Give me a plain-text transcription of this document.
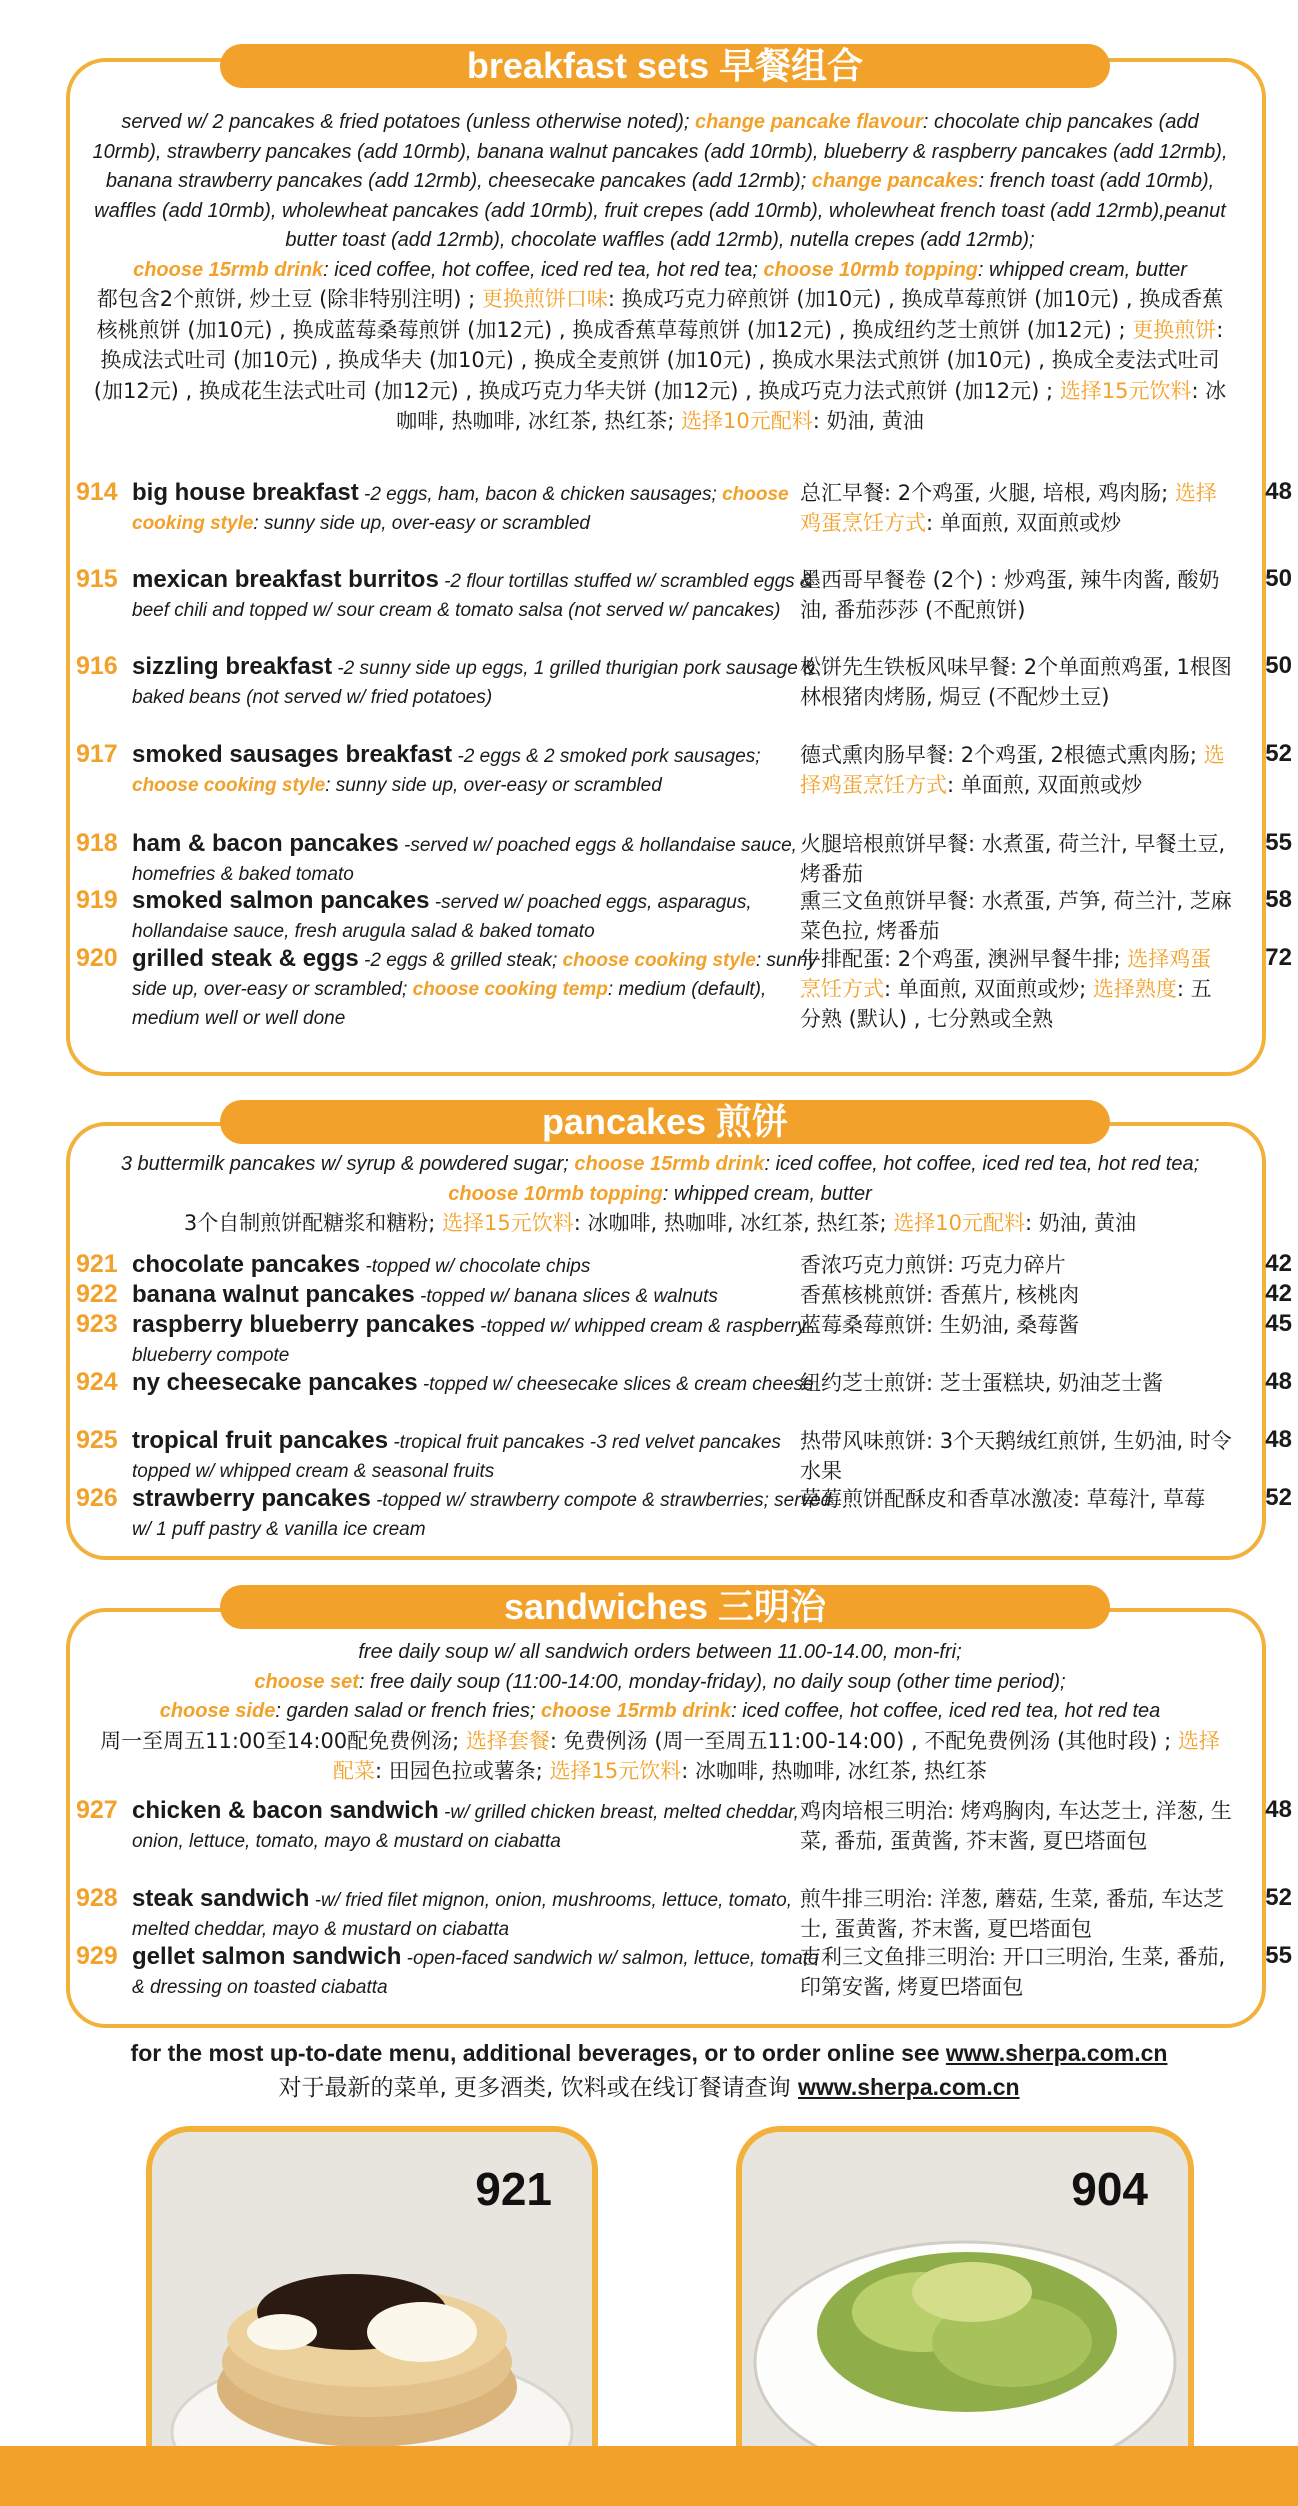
breakfast sets 早餐组合
served w/ 2 pancakes & fried potatoes (unless otherwise noted); change pancake flavour: chocolate chip pancakes (add 10rmb), strawberry pancakes (add 10rmb), banana walnut pancakes (add 10rmb), blueberry & raspberry pancakes (add 12rmb), banana strawberry pancakes (add 12rmb), cheesecake pancakes (add 12rmb); change pancakes: french toast (add 10rmb), waffles (add 10rmb), wholewheat pancakes (add 10rmb), fruit crepes (add 10rmb), wholewheat french toast (add 12rmb),peanut butter toast (add 12rmb), chocolate waffles (add 12rmb), nutella crepes (add 12rmb);
choose 15rmb drink: iced coffee, hot coffee, iced red tea, hot red tea; choose 10rmb topping: whipped cream, butter
都包含2个煎饼, 炒土豆 (除非特别注明) ; 更换煎饼口味: 换成巧克力碎煎饼 (加10元) , 换成草莓煎饼 (加10元) , 换成香蕉核桃煎饼 (加10元) , 换成蓝莓桑莓煎饼 (加12元) , 换成香蕉草莓煎饼 (加12元) , 换成纽约芝士煎饼 (加12元) ; 更换煎饼: 换成法式吐司 (加10元) , 换成华夫 (加10元) , 换成全麦煎饼 (加10元) , 换成水果法式煎饼 (加10元) , 换成全麦法式吐司 (加12元) , 换成花生法式吐司 (加12元) , 换成巧克力华夫饼 (加12元) , 换成巧克力法式煎饼 (加12元) ; 选择15元饮料: 冰咖啡, 热咖啡, 冰红茶, 热红茶; 选择10元配料: 奶油, 黄油
914 big house breakfast -2 eggs, ham, bacon & chicken sausages; choose cooking style: sunny side up, over-easy or scrambled
总汇早餐: 2个鸡蛋, 火腿, 培根, 鸡肉肠; 选择鸡蛋烹饪方式: 单面煎, 双面煎或炒
48
915 mexican breakfast burritos -2 flour tortillas stuffed w/ scrambled eggs & beef chili and topped w/ sour cream & tomato salsa (not served w/ pancakes)
墨西哥早餐卷 (2个) : 炒鸡蛋, 辣牛肉酱, 酸奶油, 番茄莎莎 (不配煎饼)
50
916 sizzling breakfast -2 sunny side up eggs, 1 grilled thurigian pork sausage & baked beans (not served w/ fried potatoes)
松饼先生铁板风味早餐: 2个单面煎鸡蛋, 1根图林根猪肉烤肠, 焗豆 (不配炒土豆)
50
917 smoked sausages breakfast -2 eggs & 2 smoked pork sausages; choose cooking style: sunny side up, over-easy or scrambled
德式熏肉肠早餐: 2个鸡蛋, 2根德式熏肉肠; 选择鸡蛋烹饪方式: 单面煎, 双面煎或炒
52
918 ham & bacon pancakes -served w/ poached eggs & hollandaise sauce, homefries & baked tomato
火腿培根煎饼早餐: 水煮蛋, 荷兰汁, 早餐土豆, 烤番茄
55
919 smoked salmon pancakes -served w/ poached eggs, asparagus, hollandaise sauce, fresh arugula salad & baked tomato
熏三文鱼煎饼早餐: 水煮蛋, 芦笋, 荷兰汁, 芝麻菜色拉, 烤番茄
58
920 grilled steak & eggs -2 eggs & grilled steak; choose cooking style: sunny side up, over-easy or scrambled; choose cooking temp: medium (default), medium well or well done
牛排配蛋: 2个鸡蛋, 澳洲早餐牛排; 选择鸡蛋烹饪方式: 单面煎, 双面煎或炒; 选择熟度: 五分熟 (默认) , 七分熟或全熟
72
pancakes 煎饼
3 buttermilk pancakes w/ syrup & powdered sugar; choose 15rmb drink: iced coffee, hot coffee, iced red tea, hot red tea;
choose 10rmb topping: whipped cream, butter
3个自制煎饼配糖浆和糖粉; 选择15元饮料: 冰咖啡, 热咖啡, 冰红茶, 热红茶; 选择10元配料: 奶油, 黄油
921 chocolate pancakes -topped w/ chocolate chips	香浓巧克力煎饼: 巧克力碎片	42
922 banana walnut pancakes -topped w/ banana slices & walnuts	香蕉核桃煎饼: 香蕉片, 核桃肉	42
923 raspberry blueberry pancakes -topped w/ whipped cream & raspberry-blueberry compote
蓝莓桑莓煎饼: 生奶油, 桑莓酱	45
924 ny cheesecake pancakes -topped w/ cheesecake slices & cream cheese
纽约芝士煎饼: 芝士蛋糕块, 奶油芝士酱	48
925 tropical fruit pancakes -tropical fruit pancakes -3 red velvet pancakes topped w/ whipped cream & seasonal fruits
热带风味煎饼: 3个天鹅绒红煎饼, 生奶油, 时令水果
48
926 strawberry pancakes -topped w/ strawberry compote & strawberries; served w/ 1 puff pastry & vanilla ice cream
草莓煎饼配酥皮和香草冰激凌: 草莓汁, 草莓	52
sandwiches 三明治
free daily soup w/ all sandwich orders between 11.00-14.00, mon-fri;
choose set: free daily soup (11:00-14:00, monday-friday), no daily soup (other time period);
choose side: garden salad or french fries; choose 15rmb drink: iced coffee, hot coffee, iced red tea, hot red tea
周一至周五11:00至14:00配免费例汤; 选择套餐: 免费例汤 (周一至周五11:00-14:00) , 不配免费例汤 (其他时段) ; 选择配菜: 田园色拉或薯条; 选择15元饮料: 冰咖啡, 热咖啡, 冰红茶, 热红茶
927 chicken & bacon sandwich -w/ grilled chicken breast, melted cheddar, onion, lettuce, tomato, mayo & mustard on ciabatta
鸡肉培根三明治: 烤鸡胸肉, 车达芝士, 洋葱, 生菜, 番茄, 蛋黄酱, 芥末酱, 夏巴塔面包
48
928 steak sandwich -w/ fried filet mignon, onion, mushrooms, lettuce, tomato, melted cheddar, mayo & mustard on ciabatta
煎牛排三明治: 洋葱, 蘑菇, 生菜, 番茄, 车达芝士, 蛋黄酱, 芥末酱, 夏巴塔面包
52
929 gellet salmon sandwich -open-faced sandwich w/ salmon, lettuce, tomato & dressing on toasted ciabatta
吉利三文鱼排三明治: 开口三明治, 生菜, 番茄, 印第安酱, 烤夏巴塔面包
55
for the most up-to-date menu, additional beverages, or to order online see www.sherpa.com.cn
对于最新的菜单, 更多酒类, 饮料或在线订餐请查询 www.sherpa.com.cn
921	904
